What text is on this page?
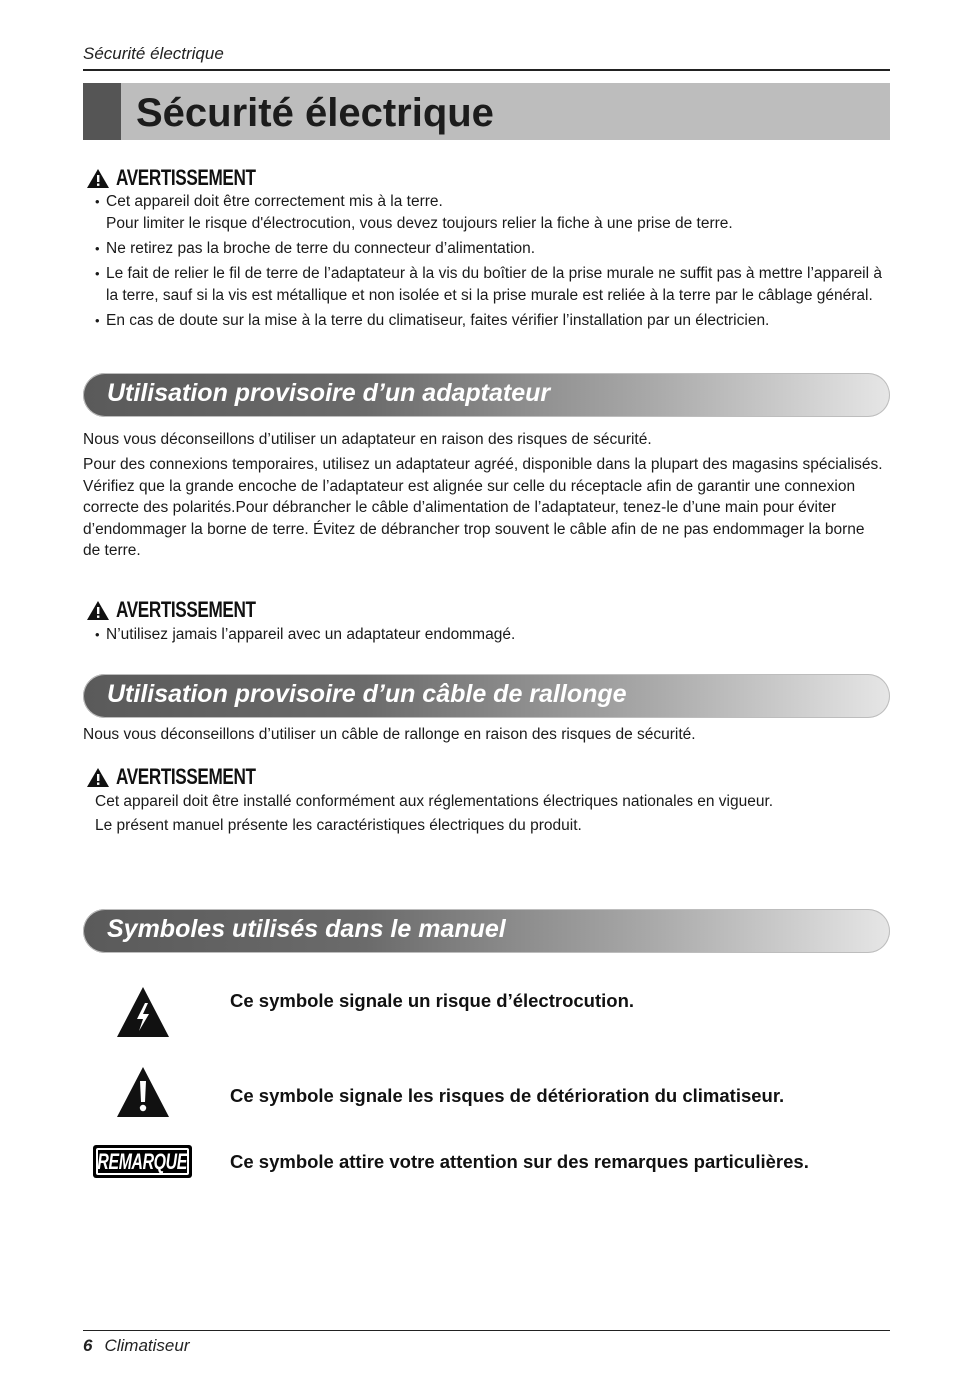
Sécurité électrique
Sécurité électrique
AVERTISSEMENT
• Cet appareil doit être correctement mis à la terre.
Pour limiter le risque d'électrocution, vous devez toujours relier la fiche à une prise de terre.
• Ne retirez pas la broche de terre du connecteur d’alimentation.
• Le fait de relier le fil de terre de l’adaptateur à la vis du boîtier de la prise murale ne suffit pas à mettre l’appareil à la terre, sauf si la vis est métallique et non isolée et si la prise murale est reliée à la terre par le câblage général.
• En cas de doute sur la mise à la terre du climatiseur, faites vérifier l’installation par un électricien.
Utilisation provisoire d’un adaptateur

Nous vous déconseillons d’utiliser un adaptateur en raison des risques de sécurité.

Pour des connexions temporaires, utilisez un adaptateur agréé, disponible dans la plupart des magasins spécialisés. Vérifiez que la grande encoche de l’adaptateur est alignée sur celle du réceptacle afin de garantir une connexion correcte des polarités.Pour débrancher le câble d’alimentation de l’adaptateur, tenez-le d’une main pour éviter d’endommager la borne de terre. Évitez de débrancher trop souvent le câble afin de ne pas endommager la borne de terre.

AVERTISSEMENT
• N’utilisez jamais l’appareil avec un adaptateur endommagé.
Utilisation provisoire d’un câble de rallonge

Nous vous déconseillons d’utiliser un câble de rallonge en raison des risques de sécurité.

AVERTISSEMENT

Cet appareil doit être installé conformément aux réglementations électriques nationales en vigueur.

Le présent manuel présente les caractéristiques électriques du produit.

Symboles utilisés dans le manuel
Ce symbole signale un risque d’électrocution.
Ce symbole signale les risques de détérioration du climatiseur.
REMARQUE Ce symbole attire votre attention sur des remarques particulières.
6 Climatiseur
